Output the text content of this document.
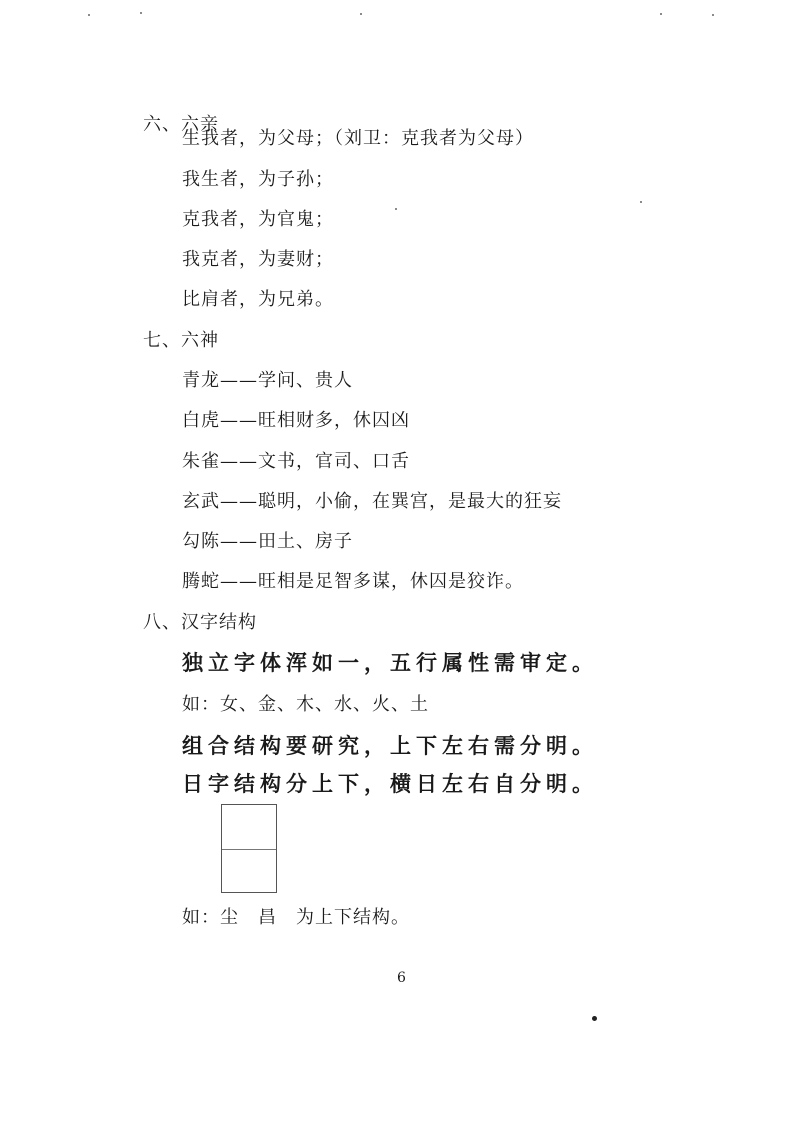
六、六亲
生我者，为父母；（刘卫：克我者为父母）
我生者，为子孙；
克我者，为官鬼；
我克者，为妻财；
比肩者，为兄弟。
七、六神
青龙——学问、贵人
白虎——旺相财多，休囚凶
朱雀——文书，官司、口舌
玄武——聪明，小偷，在巽宫，是最大的狂妄
勾陈——田土、房子
腾蛇——旺相是足智多谋，休囚是狡诈。
八、汉字结构
独立字体浑如一，五行属性需审定。
如：女、金、木、水、火、土
组合结构要研究，上下左右需分明。
日字结构分上下，横日左右自分明。
如：尘　昌　为上下结构。
6
